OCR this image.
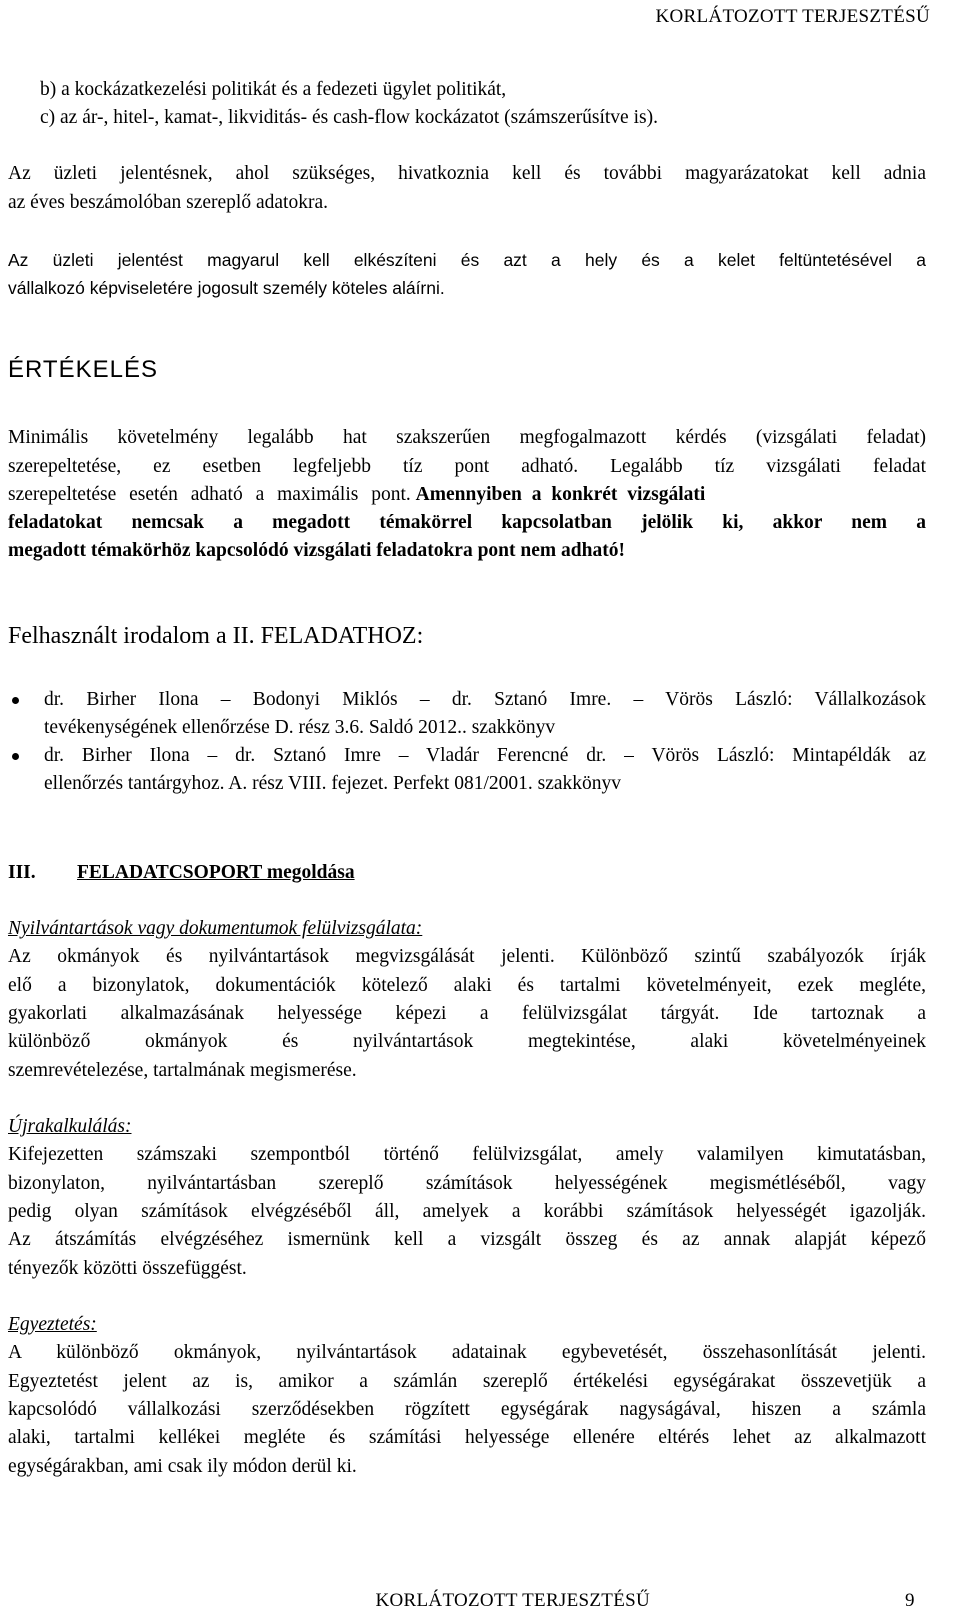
KORLÁTOZOTT TERJESZTÉSŰ
b) a kockázatkezelési politikát és a fedezeti ügylet politikát,
c) az ár-, hitel-, kamat-, likviditás- és cash-flow kockázatot (számszerűsítve is).
Az üzleti jelentésnek, ahol szükséges, hivatkoznia kell és további magyarázatokat kell adnia
az éves beszámolóban szereplő adatokra.
Az üzleti jelentést magyarul kell elkészíteni és azt a hely és a kelet feltüntetésével a
vállalkozó képviseletére jogosult személy köteles aláírni.
ÉRTÉKELÉS
Minimális követelmény legalább hat szakszerűen megfogalmazott kérdés (vizsgálati feladat)
szerepeltetése, ez esetben legfeljebb tíz pont adható. Legalább tíz vizsgálati feladat
szerepeltetése esetén adható a maximális pont. Amennyiben a konkrét vizsgálati
feladatokat nemcsak a megadott témakörrel kapcsolatban jelölik ki, akkor nem a
megadott témakörhöz kapcsolódó vizsgálati feladatokra pont nem adható!
Felhasznált irodalom a II. FELADATHOZ:
dr. Birher Ilona – Bodonyi Miklós – dr. Sztanó Imre. – Vörös László: Vállalkozások
tevékenységének ellenőrzése D. rész 3.6. Saldó 2012.. szakkönyv
dr. Birher Ilona – dr. Sztanó Imre – Vladár Ferencné dr. – Vörös László: Mintapéldák az
ellenőrzés tantárgyhoz. A. rész VIII. fejezet. Perfekt 081/2001. szakkönyv
III. FELADATCSOPORT megoldása
Nyilvántartások vagy dokumentumok felülvizsgálata:
Az okmányok és nyilvántartások megvizsgálását jelenti. Különböző szintű szabályozók írják
elő a bizonylatok, dokumentációk kötelező alaki és tartalmi követelményeit, ezek megléte,
gyakorlati alkalmazásának helyessége képezi a felülvizsgálat tárgyát. Ide tartoznak a
különböző okmányok és nyilvántartások megtekintése, alaki követelményeinek
szemrevételezése, tartalmának megismerése.
Újrakalkulálás:
Kifejezetten számszaki szempontból történő felülvizsgálat, amely valamilyen kimutatásban,
bizonylaton, nyilvántartásban szereplő számítások helyességének megismétléséből, vagy
pedig olyan számítások elvégzéséből áll, amelyek a korábbi számítások helyességét igazolják.
Az átszámítás elvégzéséhez ismernünk kell a vizsgált összeg és az annak alapját képező
tényezők közötti összefüggést.
Egyeztetés:
A különböző okmányok, nyilvántartások adatainak egybevetését, összehasonlítását jelenti.
Egyeztetést jelent az is, amikor a számlán szereplő értékelési egységárakat összevetjük a
kapcsolódó vállalkozási szerződésekben rögzített egységárak nagyságával, hiszen a számla
alaki, tartalmi kellékei megléte és számítási helyessége ellenére eltérés lehet az alkalmazott
egységárakban, ami csak ily módon derül ki.
KORLÁTOZOTT TERJESZTÉSŰ	9
